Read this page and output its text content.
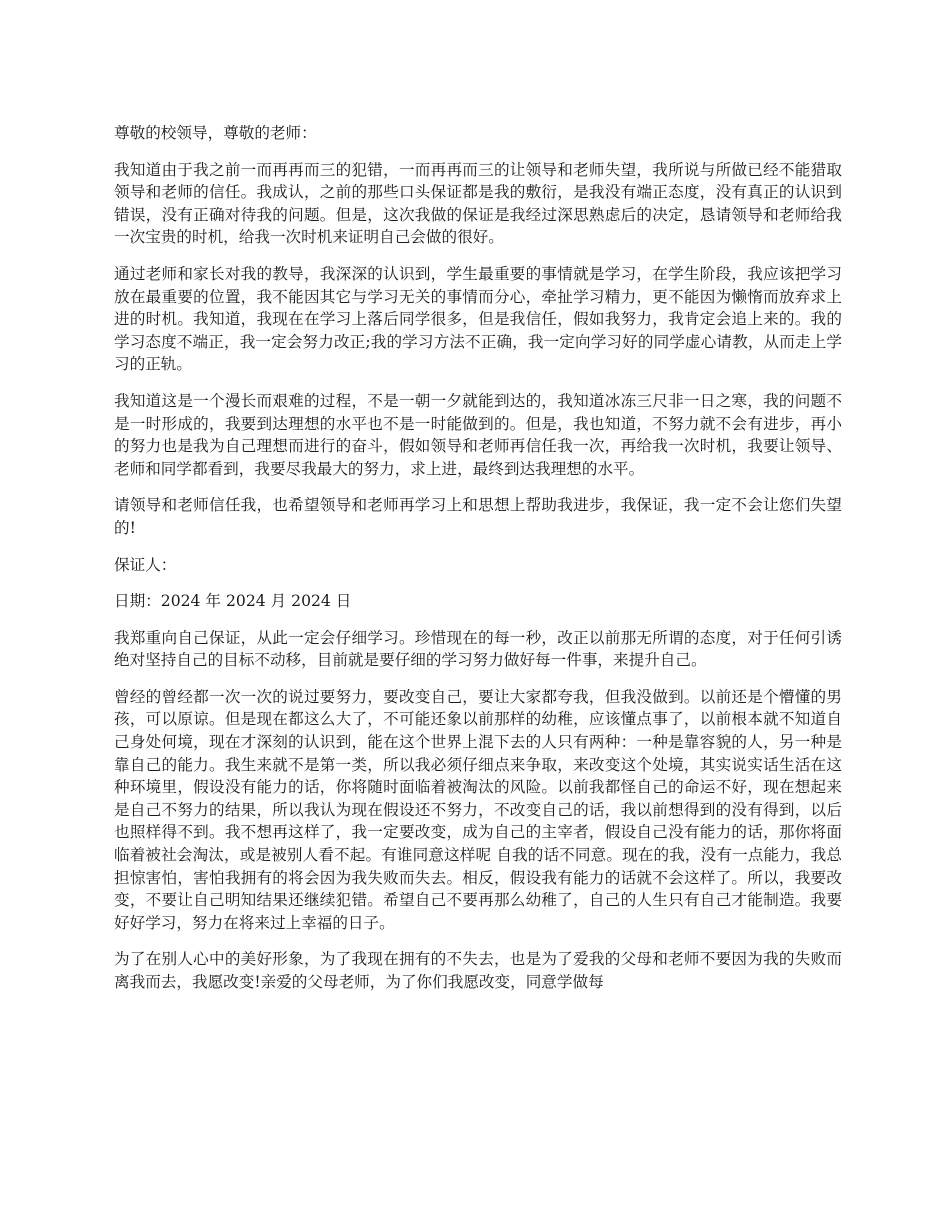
尊敬的校领导，尊敬的老师：

我知道由于我之前一而再再而三的犯错，一而再再而三的让领导和老师失望，我所说与所做已经不能猎取领导和老师的信任。我成认，之前的那些口头保证都是我的敷衍，是我没有端正态度，没有真正的认识到错误，没有正确对待我的问题。但是，这次我做的保证是我经过深思熟虑后的决定，恳请领导和老师给我一次宝贵的时机，给我一次时机来证明自己会做的很好。

通过老师和家长对我的教导，我深深的认识到，学生最重要的事情就是学习，在学生阶段，我应该把学习放在最重要的位置，我不能因其它与学习无关的事情而分心，牵扯学习精力，更不能因为懒惰而放弃求上进的时机。我知道，我现在在学习上落后同学很多，但是我信任，假如我努力，我肯定会追上来的。我的学习态度不端正，我一定会努力改正;我的学习方法不正确，我一定向学习好的同学虚心请教，从而走上学习的正轨。

我知道这是一个漫长而艰难的过程，不是一朝一夕就能到达的，我知道冰冻三尺非一日之寒，我的问题不是一时形成的，我要到达理想的水平也不是一时能做到的。但是，我也知道，不努力就不会有进步，再小的努力也是我为自己理想而进行的奋斗，假如领导和老师再信任我一次，再给我一次时机，我要让领导、老师和同学都看到，我要尽我最大的努力，求上进，最终到达我理想的水平。

请领导和老师信任我，也希望领导和老师再学习上和思想上帮助我进步，我保证，我一定不会让您们失望的!

保证人：

日期：2024 年 2024 月 2024 日

我郑重向自己保证，从此一定会仔细学习。珍惜现在的每一秒，改正以前那无所谓的态度，对于任何引诱绝对坚持自己的目标不动移，目前就是要仔细的学习努力做好每一件事，来提升自己。

曾经的曾经都一次一次的说过要努力，要改变自己，要让大家都夸我，但我没做到。以前还是个懵懂的男孩，可以原谅。但是现在都这么大了，不可能还象以前那样的幼稚，应该懂点事了，以前根本就不知道自己身处何境，现在才深刻的认识到，能在这个世界上混下去的人只有两种：一种是靠容貌的人，另一种是靠自己的能力。我生来就不是第一类，所以我必须仔细点来争取，来改变这个处境，其实说实话生活在这种环境里，假设没有能力的话，你将随时面临着被淘汰的风险。以前我都怪自己的命运不好，现在想起来是自己不努力的结果，所以我认为现在假设还不努力，不改变自己的话，我以前想得到的没有得到，以后也照样得不到。我不想再这样了，我一定要改变，成为自己的主宰者，假设自己没有能力的话，那你将面临着被社会淘汰，或是被别人看不起。有谁同意这样呢 自我的话不同意。现在的我，没有一点能力，我总担惊害怕，害怕我拥有的将会因为我失败而失去。相反，假设我有能力的话就不会这样了。所以，我要改变，不要让自己明知结果还继续犯错。希望自己不要再那么幼稚了，自己的人生只有自己才能制造。我要好好学习，努力在将来过上幸福的日子。

为了在别人心中的美好形象，为了我现在拥有的不失去，也是为了爱我的父母和老师不要因为我的失败而离我而去，我愿改变!亲爱的父母老师，为了你们我愿改变，同意学做每
